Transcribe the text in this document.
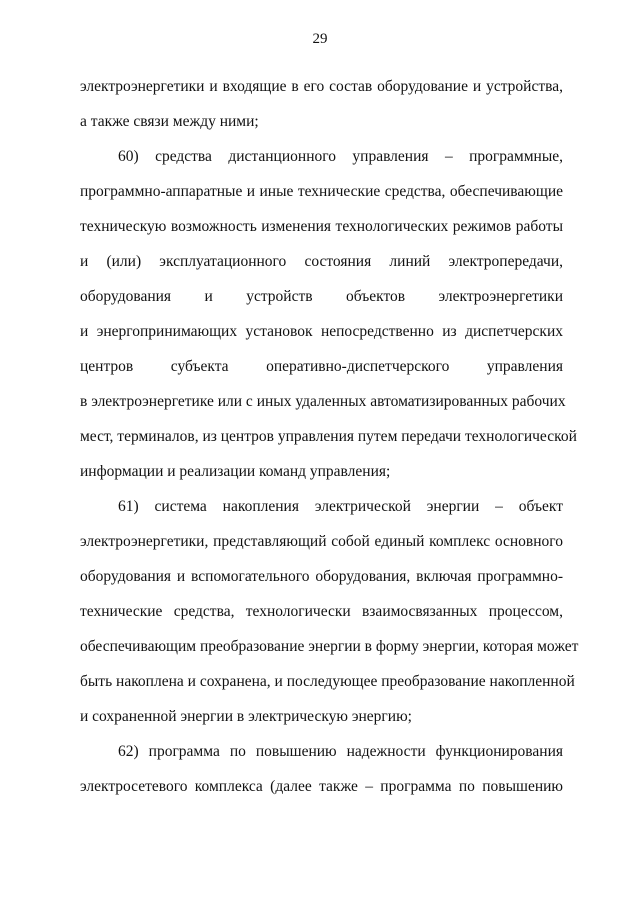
29
электроэнергетики и входящие в его состав оборудование и устройства,
а также связи между ними;
60) средства дистанционного управления – программные,
программно-аппаратные и иные технические средства, обеспечивающие
техническую возможность изменения технологических режимов работы
и (или) эксплуатационного состояния линий электропередачи,
оборудования и устройств объектов электроэнергетики
и энергопринимающих установок непосредственно из диспетчерских
центров субъекта оперативно-диспетчерского управления
в электроэнергетике или с иных удаленных автоматизированных рабочих
мест, терминалов, из центров управления путем передачи технологической
информации и реализации команд управления;
61) система накопления электрической энергии – объект
электроэнергетики, представляющий собой единый комплекс основного
оборудования и вспомогательного оборудования, включая программно-
технические средства, технологически взаимосвязанных процессом,
обеспечивающим преобразование энергии в форму энергии, которая может
быть накоплена и сохранена, и последующее преобразование накопленной
и сохраненной энергии в электрическую энергию;
62) программа по повышению надежности функционирования
электросетевого комплекса (далее также – программа по повышению
